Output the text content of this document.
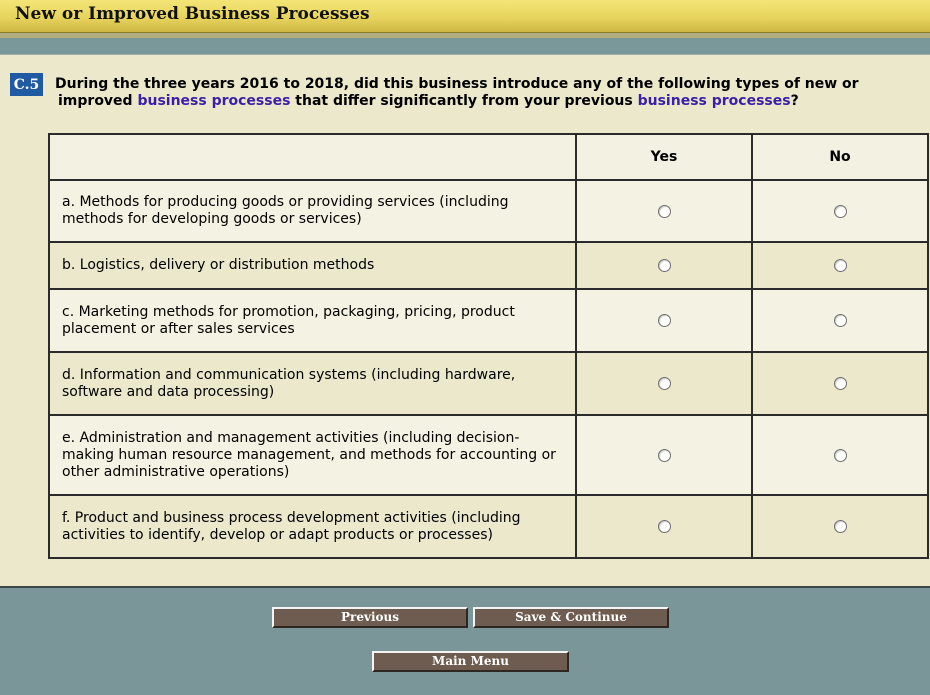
New or Improved Business Processes
C.5 During the three years 2016 to 2018, did this business introduce any of the following types of new or
improved business processes that differ significantly from your previous business processes?
	Yes	No
a. Methods for producing goods or providing services (including methods for developing goods or services)		
b. Logistics, delivery or distribution methods		
c. Marketing methods for promotion, packaging, pricing, product placement or after sales services		
d. Information and communication systems (including hardware, software and data processing)		
e. Administration and management activities (including decision-making human resource management, and methods for accounting or other administrative operations)		
f. Product and business process development activities (including activities to identify, develop or adapt products or processes)		
Previous	Save & Continue
Main Menu
